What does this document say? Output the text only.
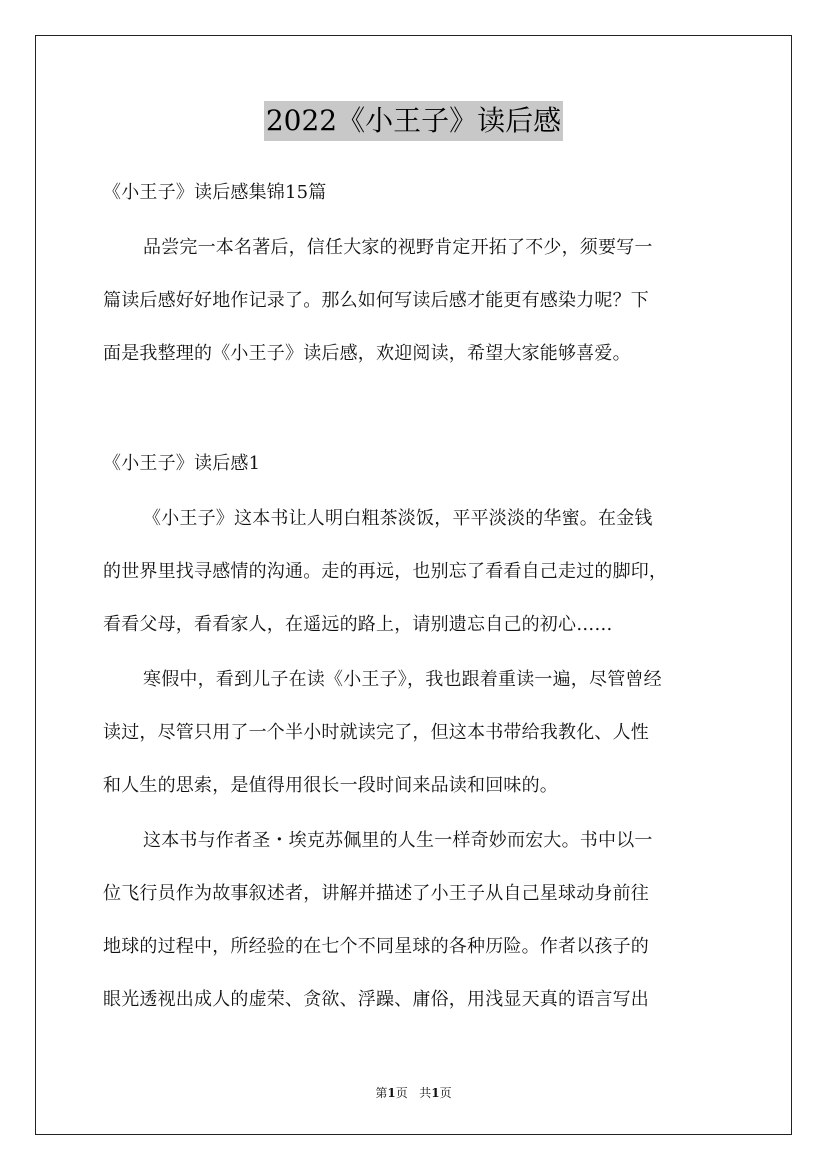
2022《小王子》读后感
《小王子》读后感集锦15篇
品尝完一本名著后，信任大家的视野肯定开拓了不少，须要写一
篇读后感好好地作记录了。那么如何写读后感才能更有感染力呢？下
面是我整理的《小王子》读后感，欢迎阅读，希望大家能够喜爱。
《小王子》读后感1
《小王子》这本书让人明白粗茶淡饭，平平淡淡的华蜜。在金钱
的世界里找寻感情的沟通。走的再远，也别忘了看看自己走过的脚印，
看看父母，看看家人，在遥远的路上，请别遗忘自己的初心……
寒假中，看到儿子在读《小王子》，我也跟着重读一遍，尽管曾经
读过，尽管只用了一个半小时就读完了，但这本书带给我教化、人性
和人生的思索，是值得用很长一段时间来品读和回味的。
这本书与作者圣・埃克苏佩里的人生一样奇妙而宏大。书中以一
位飞行员作为故事叙述者，讲解并描述了小王子从自己星球动身前往
地球的过程中，所经验的在七个不同星球的各种历险。作者以孩子的
眼光透视出成人的虚荣、贪欲、浮躁、庸俗，用浅显天真的语言写出
第1页 共1页
